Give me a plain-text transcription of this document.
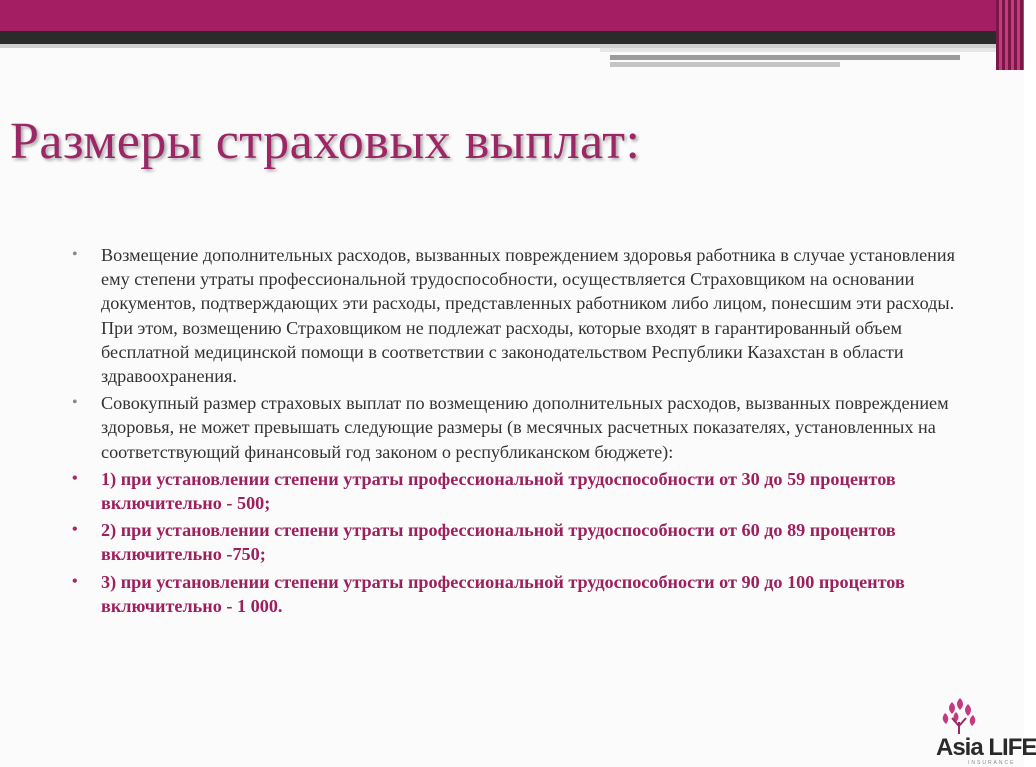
Размеры страховых выплат:
• Возмещение дополнительных расходов, вызванных повреждением здоровья работника в случае установления ему степени утраты профессиональной трудоспособности, осуществляется Страховщиком на основании документов, подтверждающих эти расходы, представленных работником либо лицом, понесшим эти расходы. При этом, возмещению Страховщиком не подлежат расходы, которые входят в гарантированный объем бесплатной медицинской помощи в соответствии с законодательством Республики Казахстан в области здравоохранения.
• Совокупный размер страховых выплат по возмещению дополнительных расходов, вызванных повреждением здоровья, не может превышать следующие размеры (в месячных расчетных показателях, установленных на соответствующий финансовый год законом о республиканском бюджете):
• 1) при установлении степени утраты профессиональной трудоспособности от 30 до 59 процентов включительно - 500;
• 2) при установлении степени утраты профессиональной трудоспособности от 60 до 89 процентов включительно -750;
• 3) при установлении степени утраты профессиональной трудоспособности от 90 до 100 процентов включительно - 1 000.
Asia LIFE
INSURANCE
